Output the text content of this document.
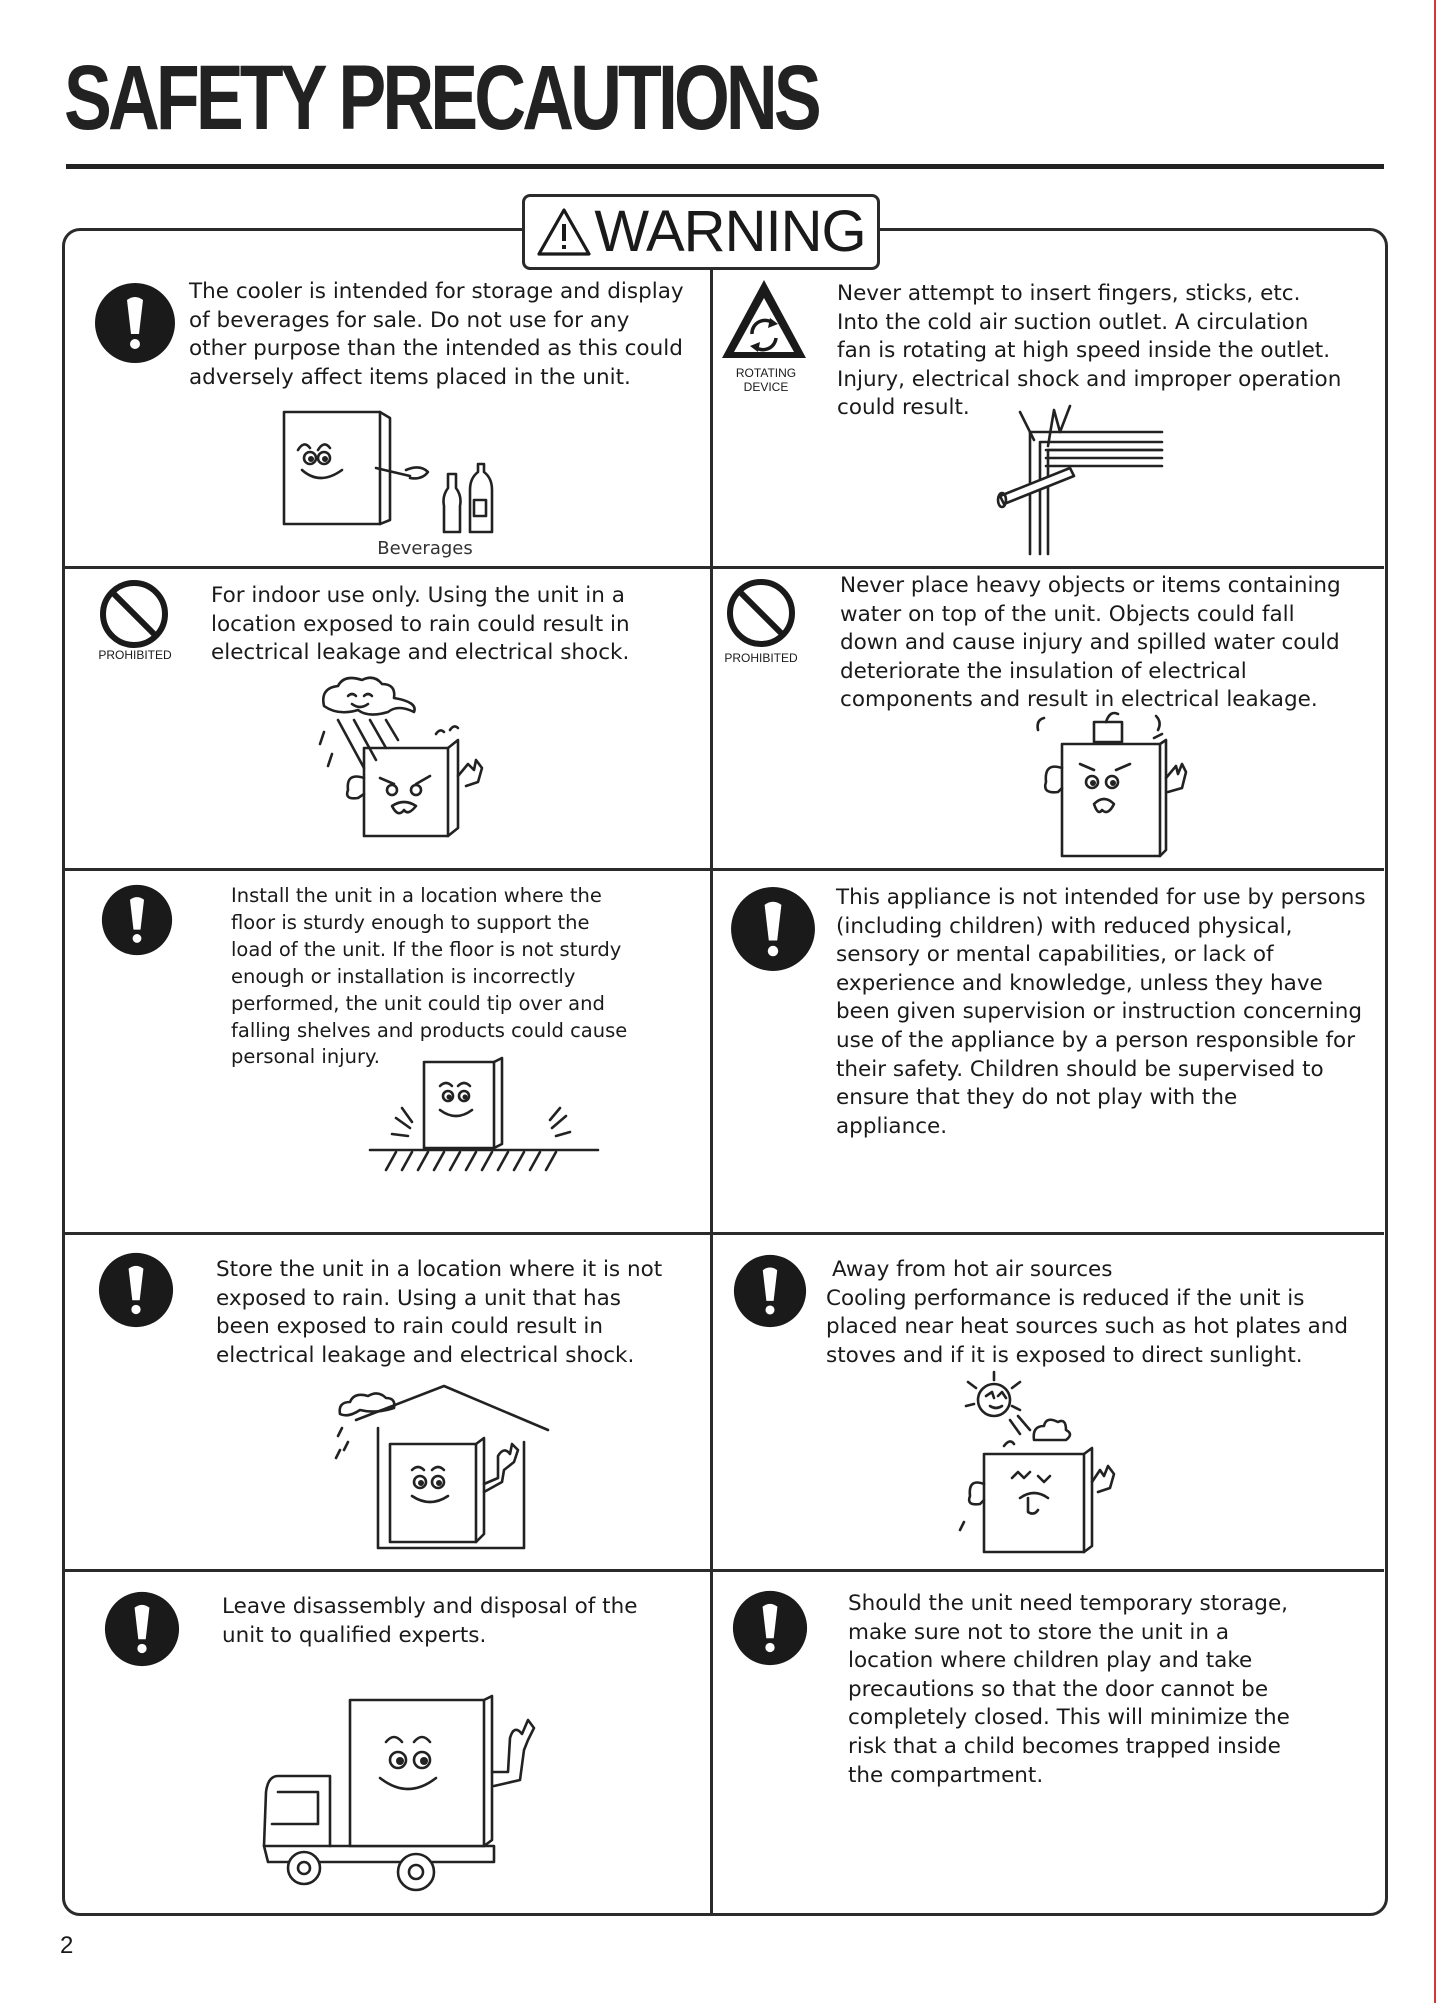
SAFETY PRECAUTIONS
WARNING
The cooler is intended for storage and display
of beverages for sale. Do not use for any
other purpose than the intended as this could
adversely affect items placed in the unit.
Beverages
ROTATING
DEVICE
Never attempt to insert fingers, sticks, etc.
Into the cold air suction outlet. A circulation
fan is rotating at high speed inside the outlet.
Injury, electrical shock and improper operation
could result.
PROHIBITED
For indoor use only. Using the unit in a
location exposed to rain could result in
electrical leakage and electrical shock.	PROHIBITED
Never place heavy objects or items containing
water on top of the unit. Objects could fall
down and cause injury and spilled water could
deteriorate the insulation of electrical
components and result in electrical leakage.
Install the unit in a location where the
floor is sturdy enough to support the
load of the unit. If the floor is not sturdy
enough or installation is incorrectly
performed, the unit could tip over and
falling shelves and products could cause
personal injury.
This appliance is not intended for use by persons
(including children) with reduced physical,
sensory or mental capabilities, or lack of
experience and knowledge, unless they have
been given supervision or instruction concerning
use of the appliance by a person responsible for
their safety. Children should be supervised to
ensure that they do not play with the
appliance.
Store the unit in a location where it is not
exposed to rain. Using a unit that has
been exposed to rain could result in
electrical leakage and electrical shock.
Away from hot air sources
Cooling performance is reduced if the unit is
placed near heat sources such as hot plates and
stoves and if it is exposed to direct sunlight.
Leave disassembly and disposal of the
unit to qualified experts.
Should the unit need temporary storage,
make sure not to store the unit in a
location where children play and take
precautions so that the door cannot be
completely closed. This will minimize the
risk that a child becomes trapped inside
the compartment.
2
